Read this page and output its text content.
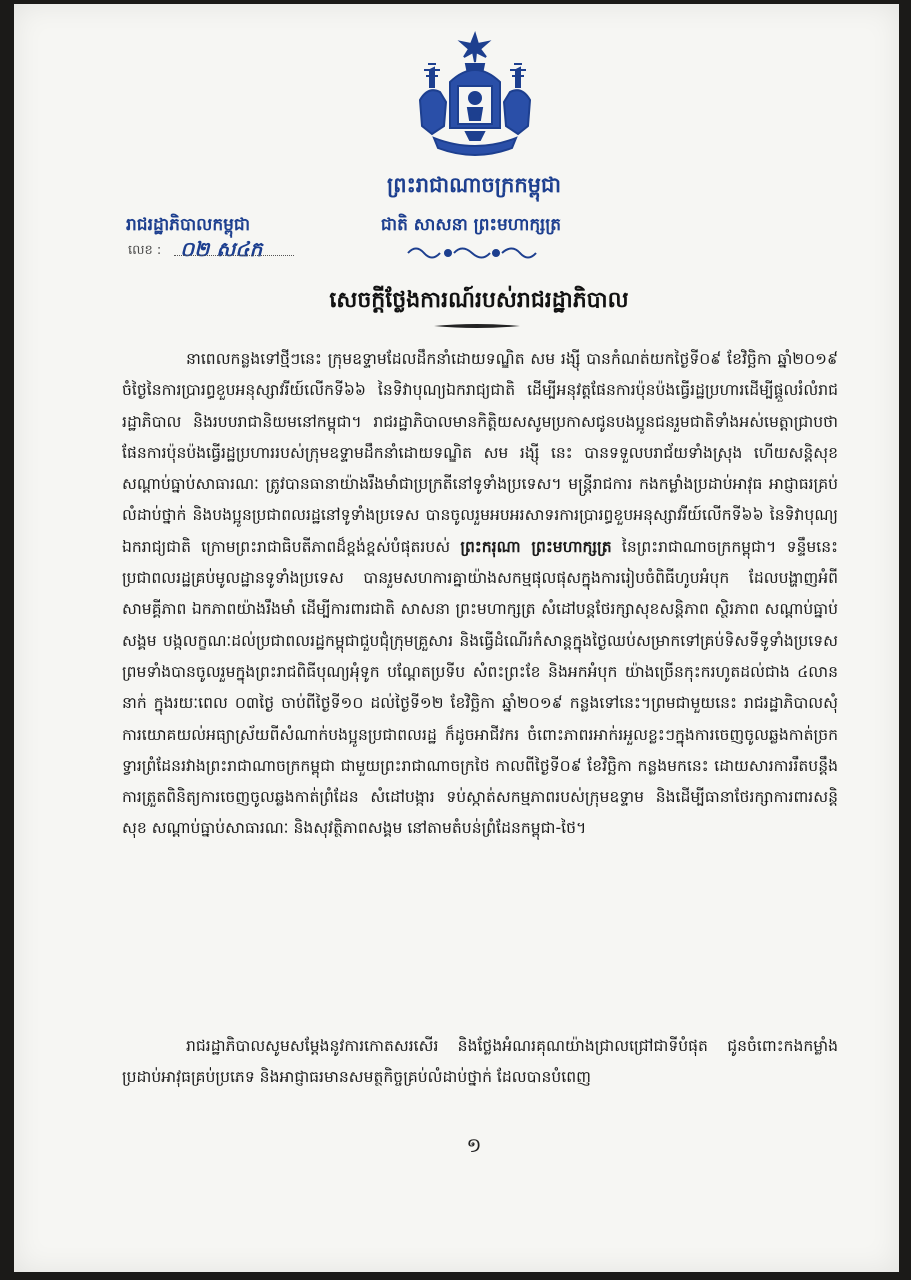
ព្រះរាជាណាចក្រកម្ពុជា
ជាតិ សាសនា ព្រះមហាក្សត្រ
រាជរដ្ឋាភិបាលកម្ពុជា
លេខ : ០២ ស៤ក
សេចក្តីថ្លែងការណ៍របស់រាជរដ្ឋាភិបាល

នាពេលកន្លងទៅថ្មីៗនេះ ក្រុមឧទ្ទាមដែលដឹកនាំដោយទណ្ឌិត សម រង្ស៊ី បានកំណត់យកថ្ងៃទី០៩ ខែវិច្ឆិកា ឆ្នាំ២០១៩ ចំថ្ងៃនៃការប្រារព្ធខួបអនុស្សាវរីយ៍លើកទី៦៦ នៃទិវាបុណ្យឯករាជ្យជាតិ ដើម្បីអនុវត្តផែនការប៉ុនប៉ងធ្វើរដ្ឋប្រហារដើម្បីផ្តួលរំលំរាជរដ្ឋាភិបាល និងរបបរាជានិយមនៅកម្ពុជា។ រាជរដ្ឋាភិបាលមានកិត្តិយសសូមប្រកាសជូនបងប្អូនជនរួមជាតិទាំងអស់មេត្តាជ្រាបថា ផែនការប៉ុនប៉ងធ្វើរដ្ឋប្រហាររបស់ក្រុមឧទ្ទាមដឹកនាំដោយទណ្ឌិត សម រង្ស៊ី នេះ បានទទួលបរាជ័យទាំងស្រុង ហើយសន្តិសុខ សណ្តាប់ធ្នាប់សាធារណៈ ត្រូវបានធានាយ៉ាងរឹងមាំជាប្រក្រតីនៅទូទាំងប្រទេស។ មន្ត្រីរាជការ កងកម្លាំងប្រដាប់អាវុធ អាជ្ញាធរគ្រប់លំដាប់ថ្នាក់ និងបងប្អូនប្រជាពលរដ្ឋនៅទូទាំងប្រទេស បានចូលរួមអបអរសាទរការប្រារព្ធខួបអនុស្សាវរីយ៍លើកទី៦៦ នៃទិវាបុណ្យឯករាជ្យជាតិ ក្រោមព្រះរាជាធិបតីភាពដ៏ខ្ពង់ខ្ពស់បំផុតរបស់ ព្រះករុណា ព្រះមហាក្សត្រ នៃព្រះរាជាណាចក្រកម្ពុជា។ ទន្ទឹមនេះ ប្រជាពលរដ្ឋគ្រប់មូលដ្ឋានទូទាំងប្រទេស បានរួមសហការគ្នាយ៉ាងសកម្មផុលផុសក្នុងការរៀបចំពិធីហូបអំបុក ដែលបង្ហាញអំពីសាមគ្គីភាព ឯកភាពយ៉ាងរឹងមាំ ដើម្បីការពារជាតិ សាសនា ព្រះមហាក្សត្រ សំដៅបន្តថែរក្សាសុខសន្តិភាព ស្ថិរភាព សណ្តាប់ធ្នាប់សង្គម បង្កលក្ខណៈដល់ប្រជាពលរដ្ឋកម្ពុជាជួបជុំក្រុមគ្រួសារ និងធ្វើដំណើរកំសាន្តក្នុងថ្ងៃឈប់សម្រាកទៅគ្រប់ទិសទីទូទាំងប្រទេស ព្រមទាំងបានចូលរួមក្នុងព្រះរាជពិធីបុណ្យអុំទូក បណ្តែតប្រទីប សំពះព្រះខែ និងអកអំបុក យ៉ាងច្រើនកុះករហូតដល់ជាង ៤លាននាក់ ក្នុងរយៈពេល ០៣ថ្ងៃ ចាប់ពីថ្ងៃទី១០ ដល់ថ្ងៃទី១២ ខែវិច្ឆិកា ឆ្នាំ២០១៩ កន្លងទៅនេះ។ព្រមជាមួយនេះ រាជរដ្ឋាភិបាលសុំការយោគយល់អធ្យាស្រ័យពីសំណាក់បងប្អូនប្រជាពលរដ្ឋ ក៏ដូចអាជីវករ ចំពោះភាពរអាក់រអួលខ្លះៗក្នុងការចេញចូលឆ្លងកាត់ច្រកទ្វារព្រំដែនរវាងព្រះរាជាណាចក្រកម្ពុជា ជាមួយព្រះរាជាណាចក្រថៃ កាលពីថ្ងៃទី០៩ ខែវិច្ឆិកា កន្លងមកនេះ ដោយសារការរឹតបន្តឹងការត្រួតពិនិត្យការចេញចូលឆ្លងកាត់ព្រំដែន សំដៅបង្ការ ទប់ស្កាត់សកម្មភាពរបស់ក្រុមឧទ្ទាម និងដើម្បីធានាថែរក្សាការពារសន្តិសុខ សណ្តាប់ធ្នាប់សាធារណៈ និងសុវត្ថិភាពសង្គម នៅតាមតំបន់ព្រំដែនកម្ពុជា-ថៃ។

រាជរដ្ឋាភិបាលសូមសម្តែងនូវការកោតសរសើរ និងថ្លែងអំណរគុណយ៉ាងជ្រាលជ្រៅជាទីបំផុត ជូនចំពោះកងកម្លាំងប្រដាប់អាវុធគ្រប់ប្រភេទ និងអាជ្ញាធរមានសមត្ថកិច្ចគ្រប់លំដាប់ថ្នាក់ ដែលបានបំពេញ

១
